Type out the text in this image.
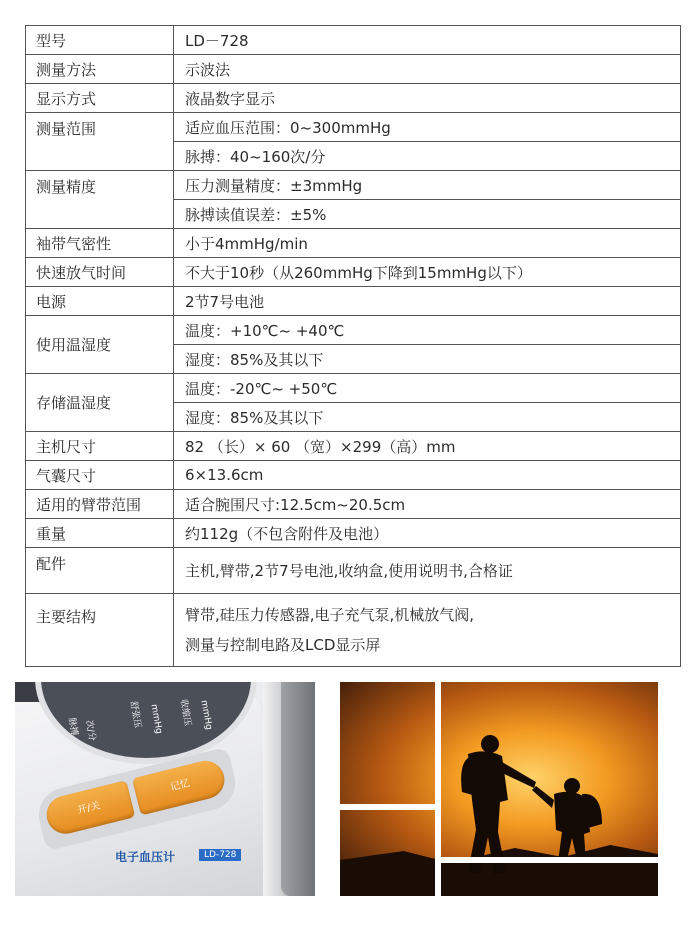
型号	LD－728
测量方法	示波法
显示方式	液晶数字显示
测量范围	适应血压范围：0~300mmHg
	脉搏：40~160次/分
测量精度	压力测量精度：±3mmHg
	脉搏读值误差：±5%
袖带气密性	小于4mmHg/min
快速放气时间	不大于10秒（从260mmHg下降到15mmHg以下）
电源	2节7号电池
使用温湿度	温度：+10℃~ +40℃
	湿度：85%及其以下
存储温湿度	温度：-20℃~ +50℃
	湿度：85%及其以下
主机尺寸	82 （长）× 60 （宽）×299（高）mm
气囊尺寸	6×13.6cm
适用的臂带范围	适合腕围尺寸:12.5cm~20.5cm
重量	约112g（不包含附件及电池）
配件	主机,臂带,2节7号电池,收纳盒,使用说明书,合格证
主要结构	臂带,硅压力传感器,电子充气泵,机械放气阀,
测量与控制电路及LCD显示屏
收缩压 mmHg
舒张压 mmHg
脉搏 次/分
开/关
记忆
电子血压计	LD-728
